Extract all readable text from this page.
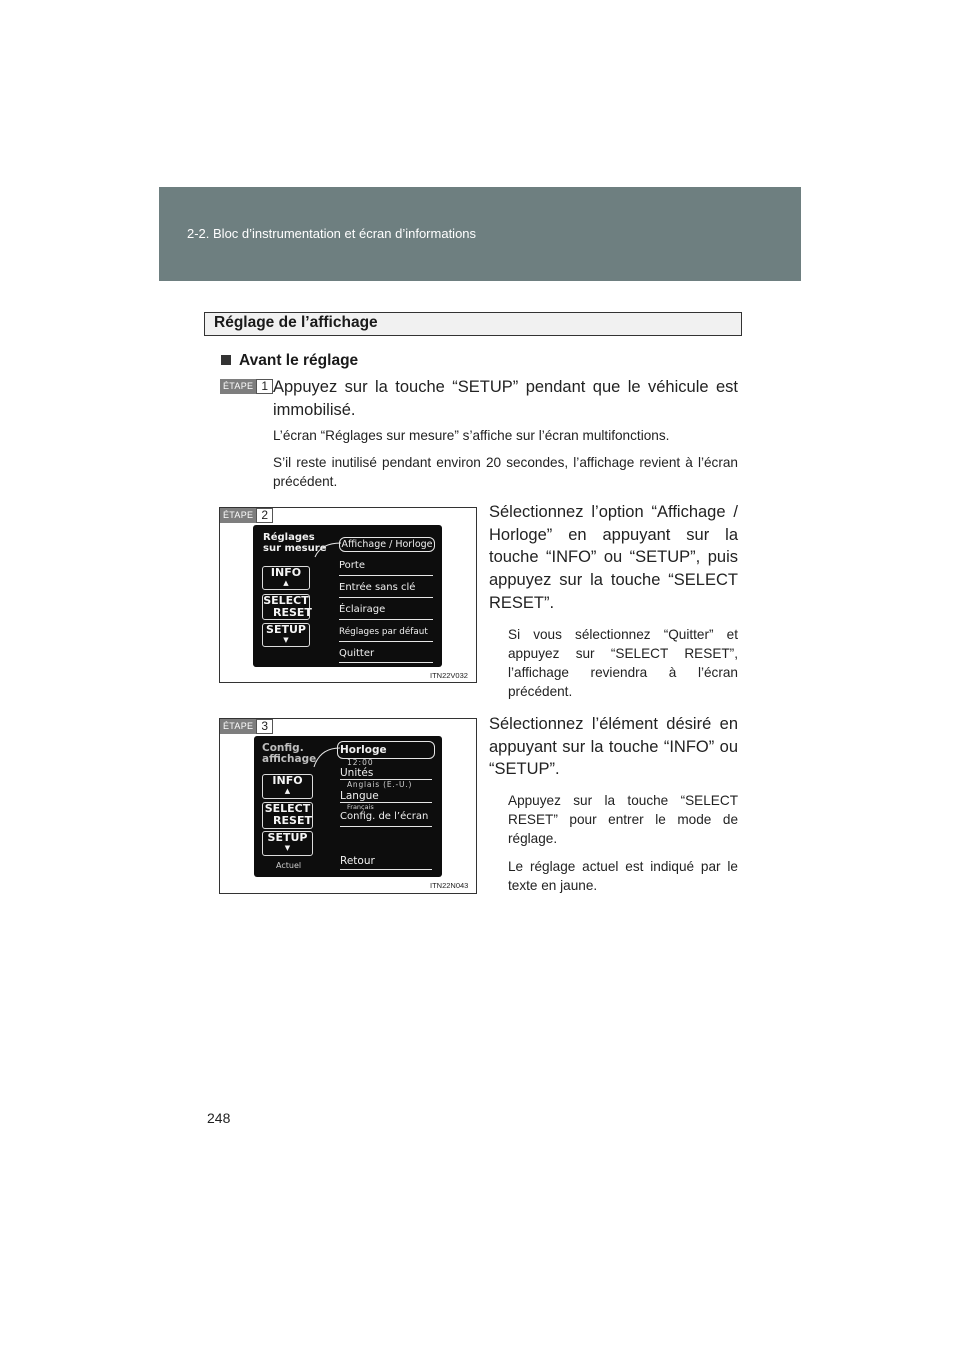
2-2. Bloc d’instrumentation et écran d’informations
Réglage de l’affichage
Avant le réglage
ÉTAPE 1 Appuyez sur la touche “SETUP” pendant que le véhicule est immobilisé.
L’écran “Réglages sur mesure” s’affiche sur l’écran multifonctions.
S’il reste inutilisé pendant environ 20 secondes, l’affichage revient à l’écran précédent.
ÉTAPE 2
Réglages
sur mesure Affichage / Horloge
Porte
Entrée sans clé
Éclairage
Réglages par défaut
Quitter
INFO
▲
SELECT
RESET
SETUP
▼
ITN22V032
Sélectionnez l’option “Affichage / Horloge” en appuyant sur la touche “INFO” ou “SETUP”, puis appuyez sur la touche “SELECT RESET”.
Si vous sélectionnez “Quitter” et appuyez sur “SELECT RESET”, l’affichage reviendra à l’écran précédent.
ÉTAPE 3
Config.
affichage
Horloge
12:00
Unités
Anglais (E.-U.)
Langue
Français
Config. de l’écran
Retour
INFO
▲
SELECT
RESET
SETUP
▼
Actuel
ITN22N043
Sélectionnez l’élément désiré en appuyant sur la touche “INFO” ou “SETUP”.
Appuyez sur la touche “SELECT RESET” pour entrer le mode de réglage.
Le réglage actuel est indiqué par le texte en jaune.
248
